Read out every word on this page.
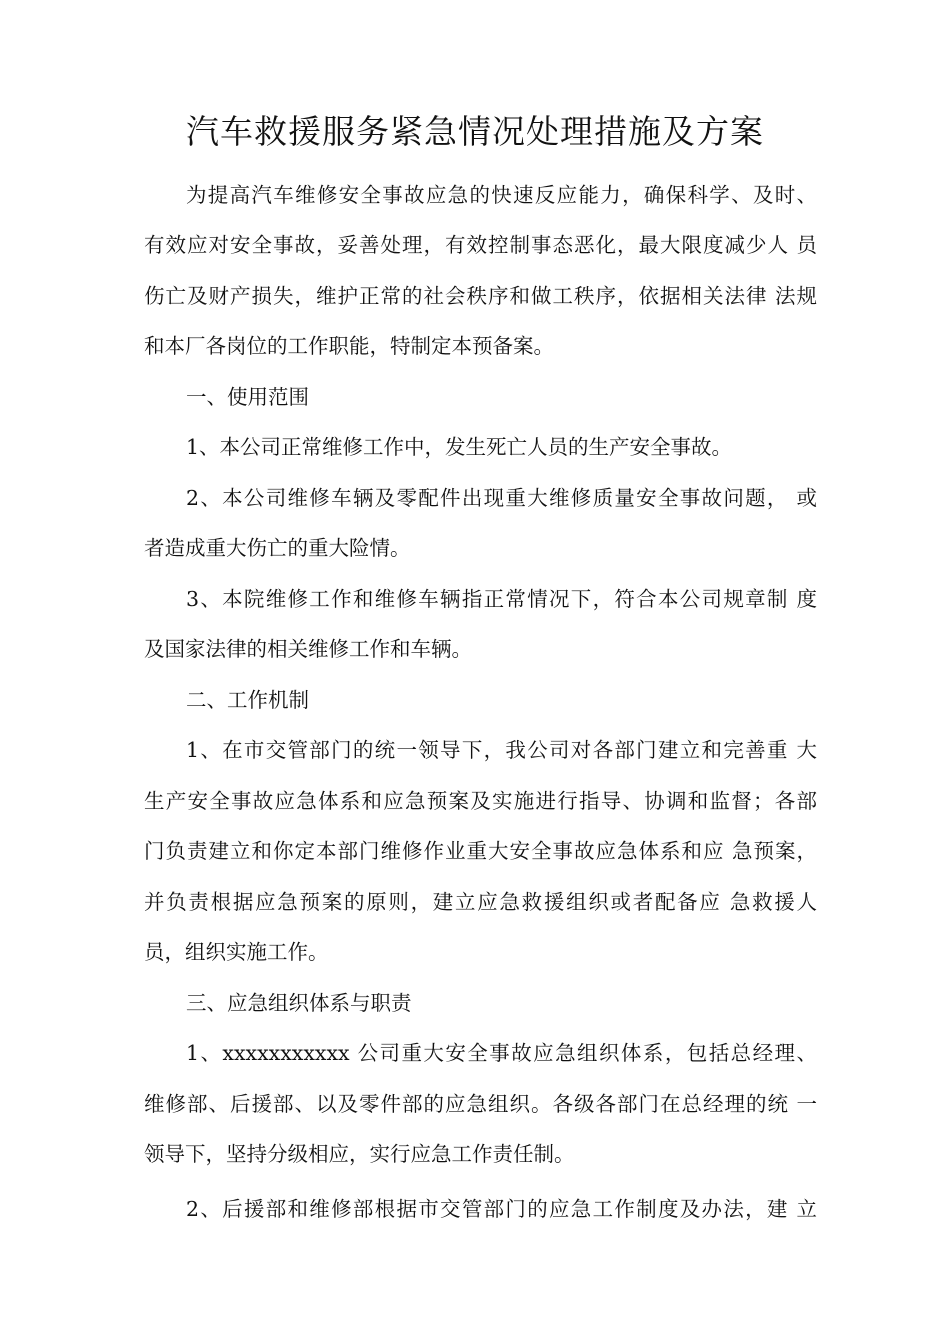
汽车救援服务紧急情况处理措施及方案
为提高汽车维修安全事故应急的快速反应能力，确保科学、及时、
有效应对安全事故，妥善处理，有效控制事态恶化，最大限度减少人 员
伤亡及财产损失，维护正常的社会秩序和做工秩序，依据相关法律 法规
和本厂各岗位的工作职能，特制定本预备案。
一、使用范围
1、本公司正常维修工作中，发生死亡人员的生产安全事故。
2、本公司维修车辆及零配件出现重大维修质量安全事故问题， 或
者造成重大伤亡的重大险情。
3、本院维修工作和维修车辆指正常情况下，符合本公司规章制 度
及国家法律的相关维修工作和车辆。
二、工作机制
1、在市交管部门的统一领导下，我公司对各部门建立和完善重 大
生产安全事故应急体系和应急预案及实施进行指导、协调和监督；各部
门负责建立和你定本部门维修作业重大安全事故应急体系和应 急预案，
并负责根据应急预案的原则，建立应急救援组织或者配备应 急救援人
员，组织实施工作。
三、应急组织体系与职责
1、xxxxxxxxxxx 公司重大安全事故应急组织体系，包括总经理、
维修部、后援部、以及零件部的应急组织。各级各部门在总经理的统 一
领导下，坚持分级相应，实行应急工作责任制。
2、后援部和维修部根据市交管部门的应急工作制度及办法，建 立
